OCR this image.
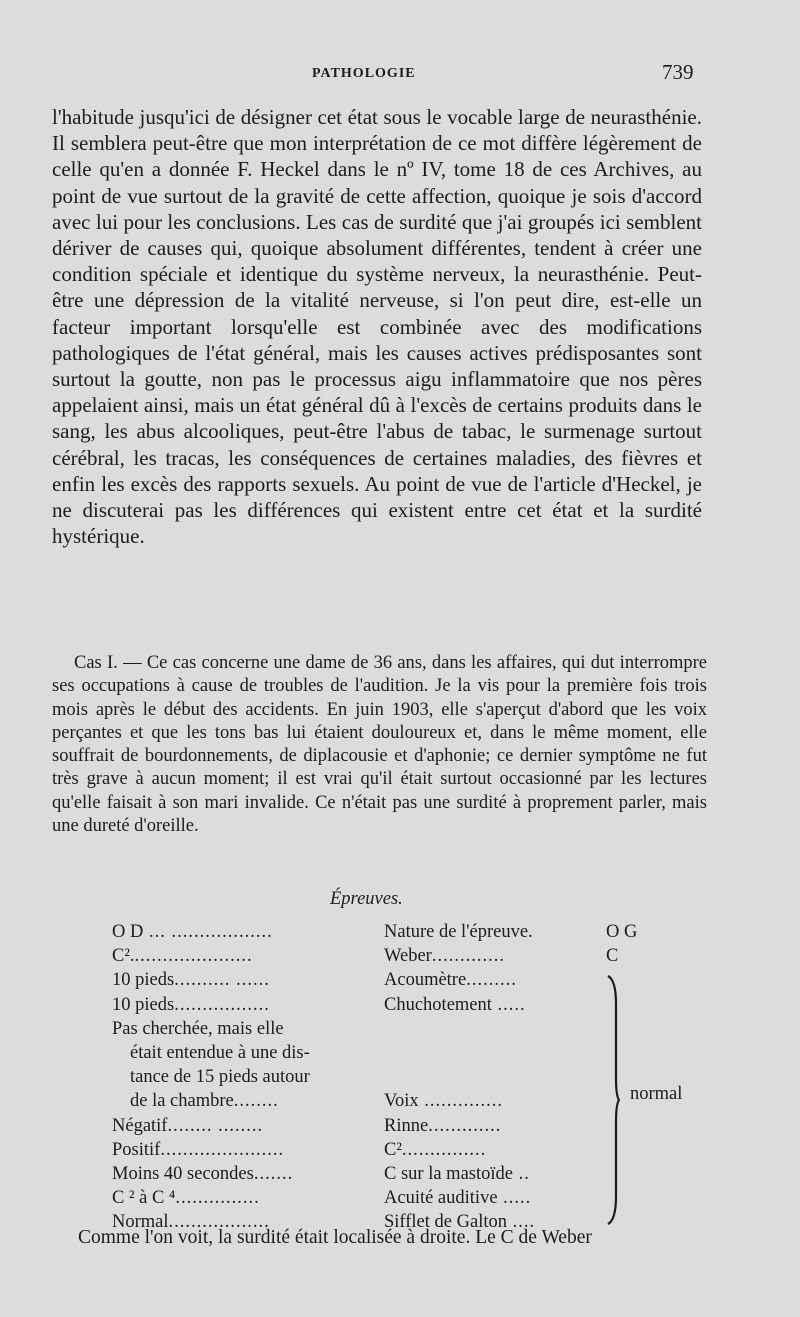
PATHOLOGIE	739

l'habitude jusqu'ici de désigner cet état sous le vocable large de neurasthénie. Il semblera peut-être que mon interprétation de ce mot diffère légèrement de celle qu'en a donnée F. Heckel dans le nº IV, tome 18 de ces Archives, au point de vue surtout de la gravité de cette affection, quoique je sois d'accord avec lui pour les conclusions. Les cas de surdité que j'ai groupés ici semblent dériver de causes qui, quoique absolument différentes, tendent à créer une condition spéciale et identique du système nerveux, la neurasthénie. Peut-être une dépression de la vitalité nerveuse, si l'on peut dire, est-elle un facteur important lorsqu'elle est combinée avec des modifications pathologiques de l'état général, mais les causes actives prédisposantes sont surtout la goutte, non pas le processus aigu inflammatoire que nos pères appelaient ainsi, mais un état général dû à l'excès de certains produits dans le sang, les abus alcooliques, peut-être l'abus de tabac, le surmenage surtout cérébral, les tracas, les conséquences de certaines maladies, des fièvres et enfin les excès des rapports sexuels. Au point de vue de l'article d'Heckel, je ne discuterai pas les différences qui existent entre cet état et la surdité hystérique.

Cas I. — Ce cas concerne une dame de 36 ans, dans les affaires, qui dut interrompre ses occupations à cause de troubles de l'audition. Je la vis pour la première fois trois mois après le début des accidents. En juin 1903, elle s'aperçut d'abord que les voix perçantes et que les tons bas lui étaient douloureux et, dans le même moment, elle souffrait de bourdonnements, de diplacousie et d'aphonie; ce dernier symptôme ne fut très grave à aucun moment; il est vrai qu'il était surtout occasionné par les lectures qu'elle faisait à son mari invalide. Ce n'était pas une surdité à proprement parler, mais une dureté d'oreille.

Épreuves.
O D ... ..................
C²......................
10 pieds.......... ......
10 pieds.................
Pas cherchée, mais elle
était entendue à une dis-
tance de 15 pieds autour
de la chambre........
Négatif........ ........
Positif......................
Moins 40 secondes.......
C ² à C ⁴...............
Normal..................
Nature de l'épreuve.
Weber.............
Acoumètre.........
Chuchotement .....
Voix ..............
Rinne.............
C²...............
C sur la mastoïde ..
Acuité auditive .....
Sifflet de Galton ....
O G
C
normal
Comme l'on voit, la surdité était localisée à droite. Le C de Weber
